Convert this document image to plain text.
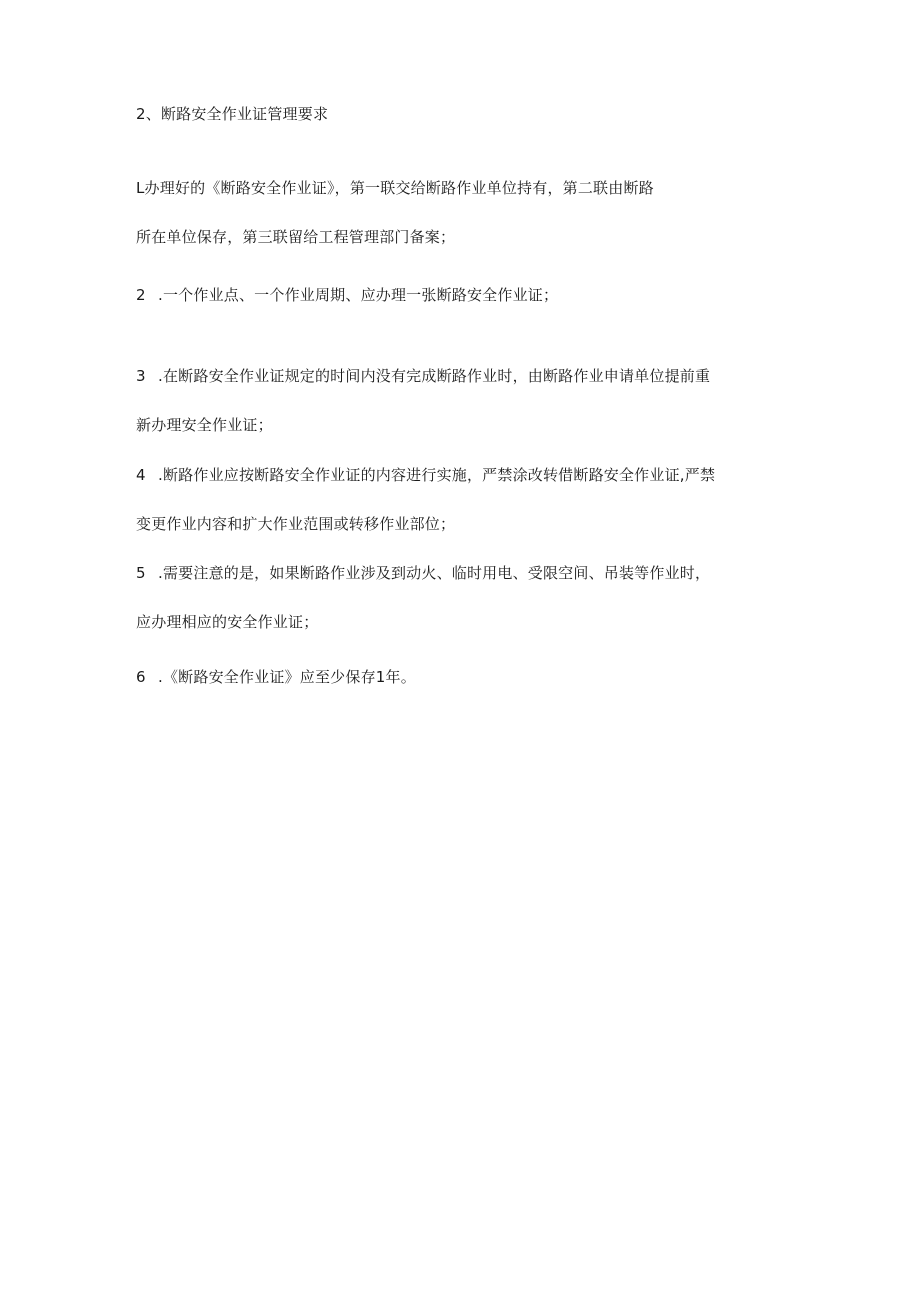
2、断路安全作业证管理要求
L办理好的《断路安全作业证》，第一联交给断路作业单位持有，第二联由断路
所在单位保存，第三联留给工程管理部门备案；
2 .一个作业点、一个作业周期、应办理一张断路安全作业证；
3 .在断路安全作业证规定的时间内没有完成断路作业时，由断路作业申请单位提前重
新办理安全作业证；
4 .断路作业应按断路安全作业证的内容进行实施，严禁涂改转借断路安全作业证,严禁
变更作业内容和扩大作业范围或转移作业部位；
5 .需要注意的是，如果断路作业涉及到动火、临时用电、受限空间、吊装等作业时，
应办理相应的安全作业证；
6 .《断路安全作业证》应至少保存1年。
